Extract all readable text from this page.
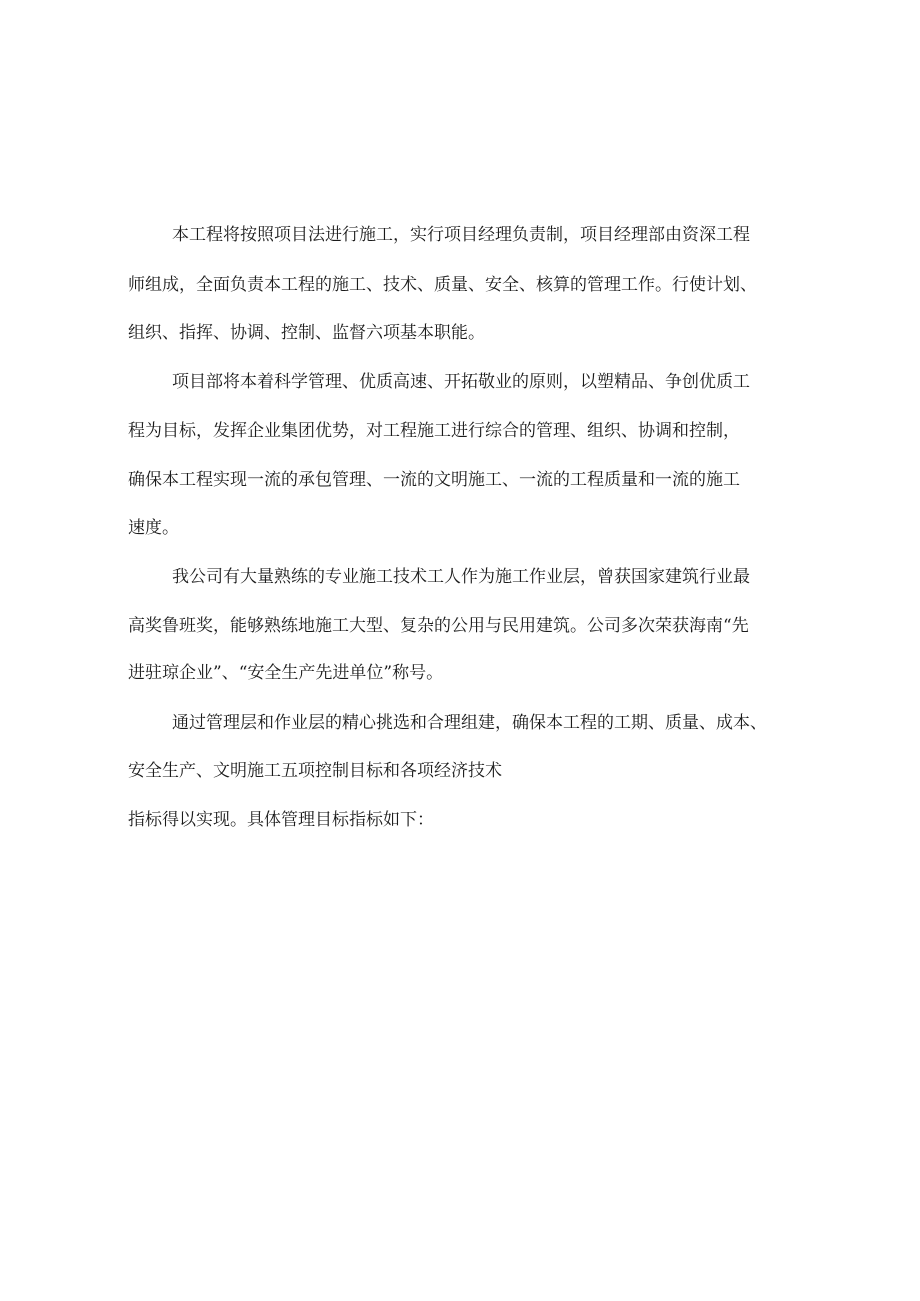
本工程将按照项目法进行施工，实行项目经理负责制，项目经理部由资深工程

师组成，全面负责本工程的施工、技术、质量、安全、核算的管理工作。行使计划、

组织、指挥、协调、控制、监督六项基本职能。

项目部将本着科学管理、优质高速、开拓敬业的原则，以塑精品、争创优质工

程为目标，发挥企业集团优势，对工程施工进行综合的管理、组织、协调和控制，

确保本工程实现一流的承包管理、一流的文明施工、一流的工程质量和一流的施工

速度。

我公司有大量熟练的专业施工技术工人作为施工作业层，曾获国家建筑行业最

高奖鲁班奖，能够熟练地施工大型、复杂的公用与民用建筑。公司多次荣获海南“先

进驻琼企业”、“安全生产先进单位”称号。

通过管理层和作业层的精心挑选和合理组建，确保本工程的工期、质量、成本、

安全生产、文明施工五项控制目标和各项经济技术

指标得以实现。具体管理目标指标如下：
